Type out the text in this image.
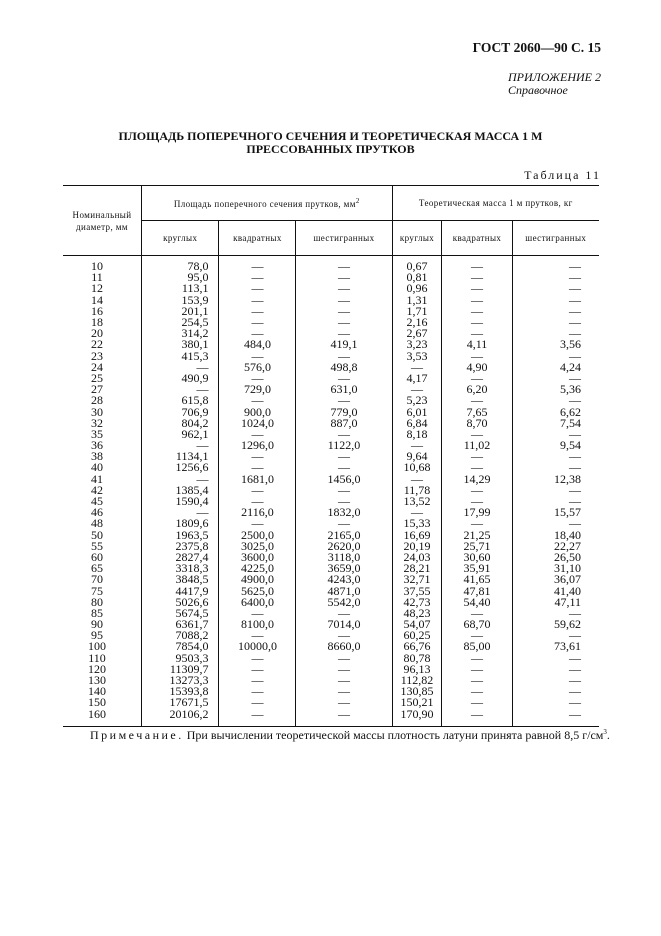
ГОСТ 2060—90 С. 15
ПРИЛОЖЕНИЕ 2
Справочное
ПЛОЩАДЬ ПОПЕРЕЧНОГО СЕЧЕНИЯ И ТЕОРЕТИЧЕСКАЯ МАССА 1 М
ПРЕССОВАННЫХ ПРУТКОВ
Таблица 11
Номинальный диаметр, мм	Площадь поперечного сечения прутков, $мм^2$			Теоретическая масса 1 м прутков, кг		
	круглых	квадратных	шестигранных	круглых	квадратных	шестигранных
10	78,0	—	—	0,67	—	—
11	95,0	—	—	0,81	—	—
12	113,1	—	—	0,96	—	—
14	153,9	—	—	1,31	—	—
16	201,1	—	—	1,71	—	—
18	254,5	—	—	2,16	—	—
20	314,2	—	—	2,67	—	—
22	380,1	484,0	419,1	3,23	4,11	3,56
23	415,3	—	—	3,53	—	—
24	—	576,0	498,8	—	4,90	4,24
25	490,9	—	—	4,17	—	—
27	—	729,0	631,0	—	6,20	5,36
28	615,8	—	—	5,23	—	—
30	706,9	900,0	779,0	6,01	7,65	6,62
32	804,2	1024,0	887,0	6,84	8,70	7,54
35	962,1	—	—	8,18	—	—
36	—	1296,0	1122,0	—	11,02	9,54
38	1134,1	—	—	9,64	—	—
40	1256,6	—	—	10,68	—	—
41	—	1681,0	1456,0	—	14,29	12,38
42	1385,4	—	—	11,78	—	—
45	1590,4	—	—	13,52	—	—
46	—	2116,0	1832,0	—	17,99	15,57
48	1809,6	—	—	15,33	—	—
50	1963,5	2500,0	2165,0	16,69	21,25	18,40
55	2375,8	3025,0	2620,0	20,19	25,71	22,27
60	2827,4	3600,0	3118,0	24,03	30,60	26,50
65	3318,3	4225,0	3659,0	28,21	35,91	31,10
70	3848,5	4900,0	4243,0	32,71	41,65	36,07
75	4417,9	5625,0	4871,0	37,55	47,81	41,40
80	5026,6	6400,0	5542,0	42,73	54,40	47,11
85	5674,5	—	—	48,23	—	—
90	6361,7	8100,0	7014,0	54,07	68,70	59,62
95	7088,2	—	—	60,25	—	—
100	7854,0	10000,0	8660,0	66,76	85,00	73,61
110	9503,3	—	—	80,78	—	—
120	11309,7	—	—	96,13	—	—
130	13273,3	—	—	112,82	—	—
140	15393,8	—	—	130,85	—	—
150	17671,5	—	—	150,21	—	—
160	20106,2	—	—	170,90	—	—
Примечание. При вычислении теоретической массы плотность латуни принята равной 8,5 $г/см^3$.
